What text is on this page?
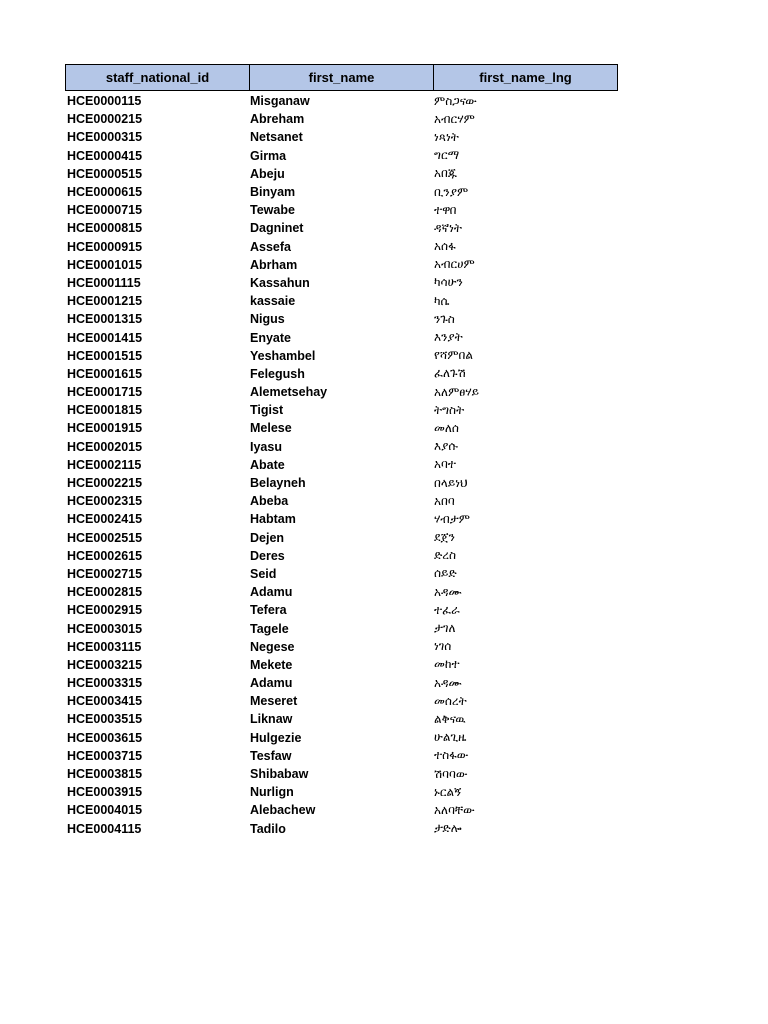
staff_national_id	first_name	first_name_lng
HCE0000115	Misganaw	ምስጋናው
HCE0000215	Abreham	አብርሃም
HCE0000315	Netsanet	ነጻነት
HCE0000415	Girma	ግርማ
HCE0000515	Abeju	አበጁ
HCE0000615	Binyam	ቢንያም
HCE0000715	Tewabe	ተዋበ
HCE0000815	Dagninet	ዳኛነት
HCE0000915	Assefa	አሰፋ
HCE0001015	Abrham	አብርሀም
HCE0001115	Kassahun	ካሳሁን
HCE0001215	kassaie	ካሴ
HCE0001315	Nigus	ንጉስ
HCE0001415	Enyate	እንያት
HCE0001515	Yeshambel	የሻምበል
HCE0001615	Felegush	ፈለጉሽ
HCE0001715	Alemetsehay	አለምፀሃይ
HCE0001815	Tigist	ትግስት
HCE0001915	Melese	መለሰ
HCE0002015	Iyasu	እያሱ
HCE0002115	Abate	አባተ
HCE0002215	Belayneh	በላይነህ
HCE0002315	Abeba	አበባ
HCE0002415	Habtam	ሃብታም
HCE0002515	Dejen	ደጀን
HCE0002615	Deres	ድረስ
HCE0002715	Seid	ሰይድ
HCE0002815	Adamu	አዳሙ
HCE0002915	Tefera	ተፈራ
HCE0003015	Tagele	ታገለ
HCE0003115	Negese	ነገሰ
HCE0003215	Mekete	መከተ
HCE0003315	Adamu	አዳሙ
HCE0003415	Meseret	መሰረት
HCE0003515	Liknaw	ልቅናዉ
HCE0003615	Hulgezie	ሁልጊዜ
HCE0003715	Tesfaw	ተስፋው
HCE0003815	Shibabaw	ሽባባው
HCE0003915	Nurlign	ኑርልኝ
HCE0004015	Alebachew	አለባቸው
HCE0004115	Tadilo	ታድሎ
